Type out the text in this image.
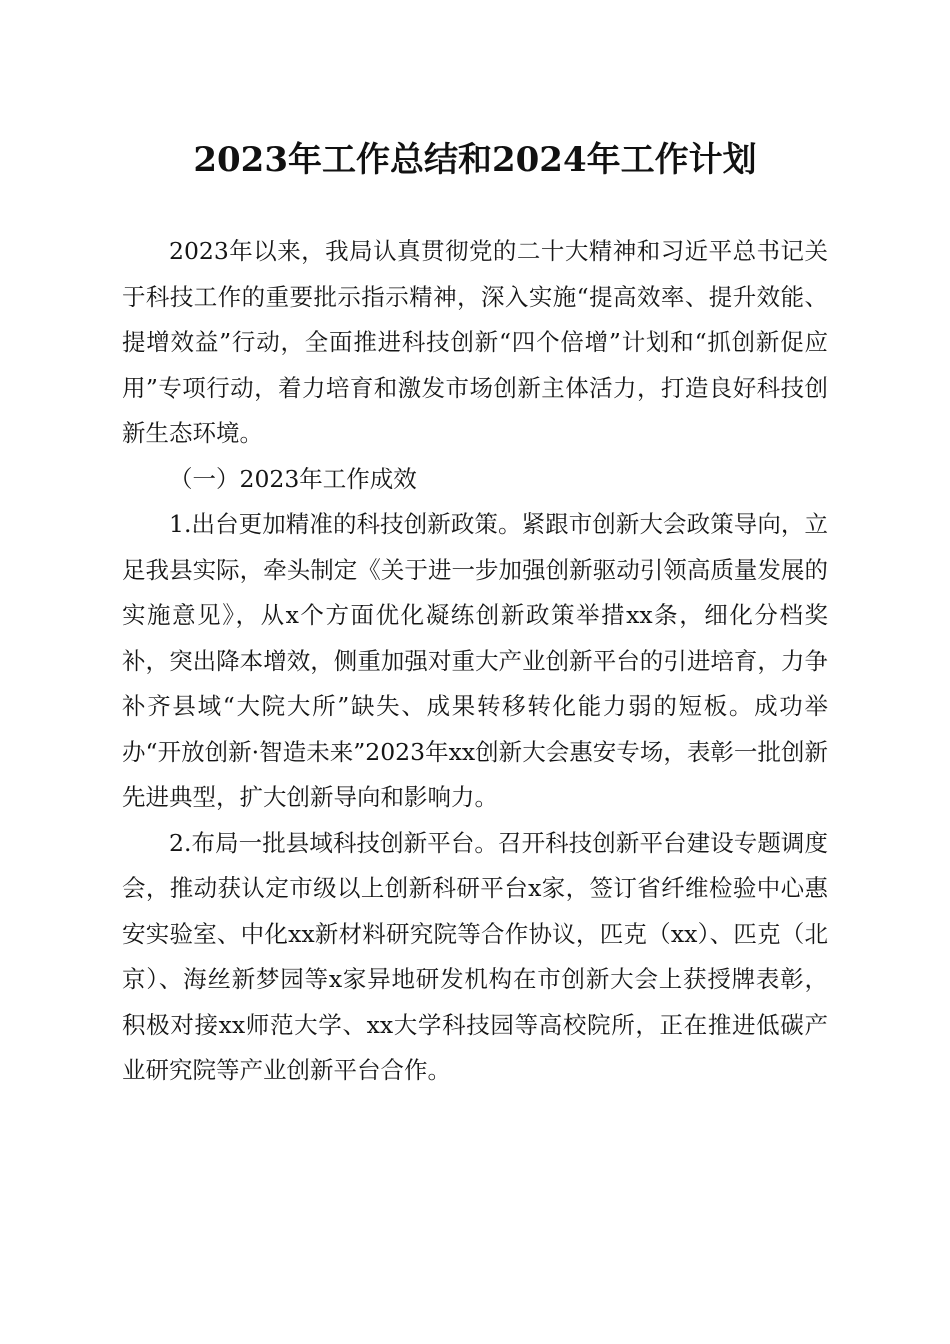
2023年工作总结和2024年工作计划

2023年以来，我局认真贯彻党的二十大精神和习近平总书记关于科技工作的重要批示指示精神，深入实施“提高效率、提升效能、提增效益”行动，全面推进科技创新“四个倍增”计划和“抓创新促应用”专项行动，着力培育和激发市场创新主体活力，打造良好科技创新生态环境。

（一）2023年工作成效

1.出台更加精准的科技创新政策。紧跟市创新大会政策导向，立足我县实际，牵头制定《关于进一步加强创新驱动引领高质量发展的实施意见》，从x个方面优化凝练创新政策举措xx条，细化分档奖补，突出降本增效，侧重加强对重大产业创新平台的引进培育，力争补齐县域“大院大所”缺失、成果转移转化能力弱的短板。成功举办“开放创新·智造未来”2023年xx创新大会惠安专场，表彰一批创新先进典型，扩大创新导向和影响力。

2.布局一批县域科技创新平台。召开科技创新平台建设专题调度会，推动获认定市级以上创新科研平台x家，签订省纤维检验中心惠安实验室、中化xx新材料研究院等合作协议，匹克（xx）、匹克（北京）、海丝新梦园等x家异地研发机构在市创新大会上获授牌表彰，积极对接xx师范大学、xx大学科技园等高校院所，正在推进低碳产业研究院等产业创新平台合作。
